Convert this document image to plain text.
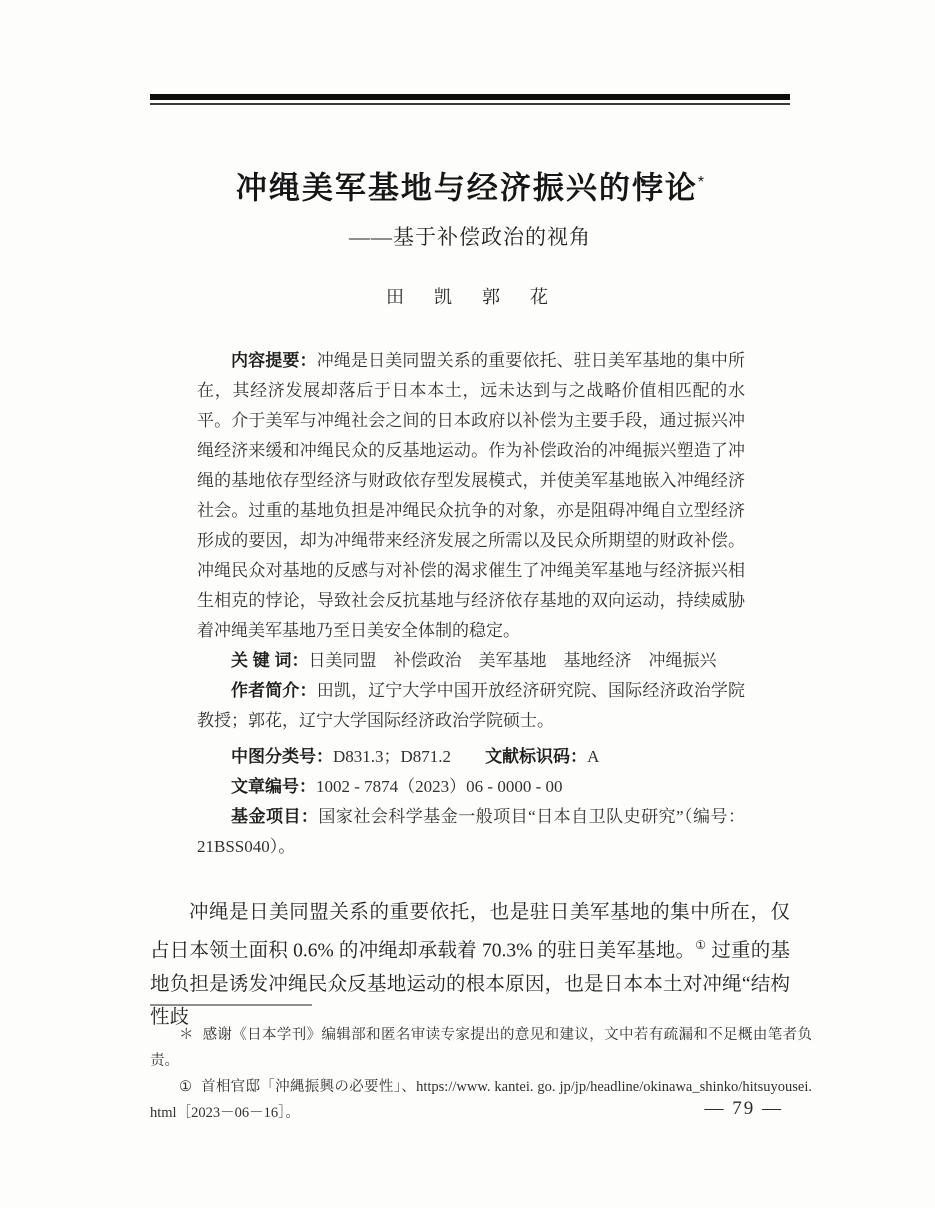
冲绳美军基地与经济振兴的悖论*
——基于补偿政治的视角
田　凯　郭　花

内容提要：冲绳是日美同盟关系的重要依托、驻日美军基地的集中所在，其经济发展却落后于日本本土，远未达到与之战略价值相匹配的水平。介于美军与冲绳社会之间的日本政府以补偿为主要手段，通过振兴冲绳经济来缓和冲绳民众的反基地运动。作为补偿政治的冲绳振兴塑造了冲绳的基地依存型经济与财政依存型发展模式，并使美军基地嵌入冲绳经济社会。过重的基地负担是冲绳民众抗争的对象，亦是阻碍冲绳自立型经济形成的要因，却为冲绳带来经济发展之所需以及民众所期望的财政补偿。冲绳民众对基地的反感与对补偿的渴求催生了冲绳美军基地与经济振兴相生相克的悖论，导致社会反抗基地与经济依存基地的双向运动，持续威胁着冲绳美军基地乃至日美安全体制的稳定。

关 键 词：日美同盟　补偿政治　美军基地　基地经济　冲绳振兴

作者简介：田凯，辽宁大学中国开放经济研究院、国际经济政治学院教授；郭花，辽宁大学国际经济政治学院硕士。

中图分类号：D831.3；D871.2 文献标识码：A

文章编号：1002 - 7874（2023）06 - 0000 - 00

基金项目：国家社会科学基金一般项目“日本自卫队史研究”（编号：21BSS040）。

冲绳是日美同盟关系的重要依托，也是驻日美军基地的集中所在，仅占日本领土面积 0.6% 的冲绳却承载着 70.3% 的驻日美军基地。① 过重的基地负担是诱发冲绳民众反基地运动的根本原因，也是日本本土对冲绳“结构性歧

＊ 感谢《日本学刊》编辑部和匿名审读专家提出的意见和建议，文中若有疏漏和不足概由笔者负责。

① 首相官邸「沖縄振興の必要性」、https://www. kantei. go. jp/jp/headline/okinawa_shinko/hitsuyousei. html［2023－06－16］。	— 79 —
